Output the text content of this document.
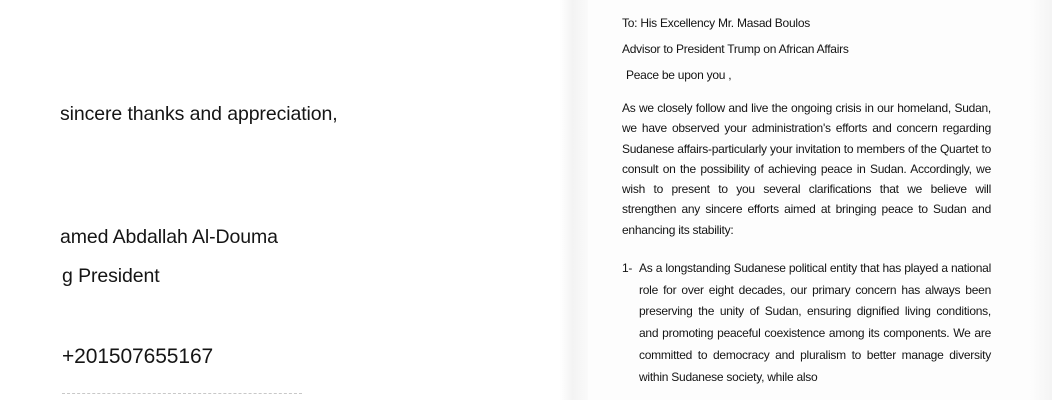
sincere thanks and appreciation,
amed Abdallah Al-Douma
g President
+201507655167
To: His Excellency Mr. Masad Boulos
Advisor to President Trump on African Affairs
Peace be upon you ,
As we closely follow and live the ongoing crisis in our homeland, Sudan, we have observed your administration's efforts and concern regarding Sudanese affairs-particularly your invitation to members of the Quartet to consult on the possibility of achieving peace in Sudan. Accordingly, we wish to present to you several clarifications that we believe will strengthen any sincere efforts aimed at bringing peace to Sudan and enhancing its stability:
1- As a longstanding Sudanese political entity that has played a national role for over eight decades, our primary concern has always been preserving the unity of Sudan, ensuring dignified living conditions, and promoting peaceful coexistence among its components. We are committed to democracy and pluralism to better manage diversity within Sudanese society, while also
